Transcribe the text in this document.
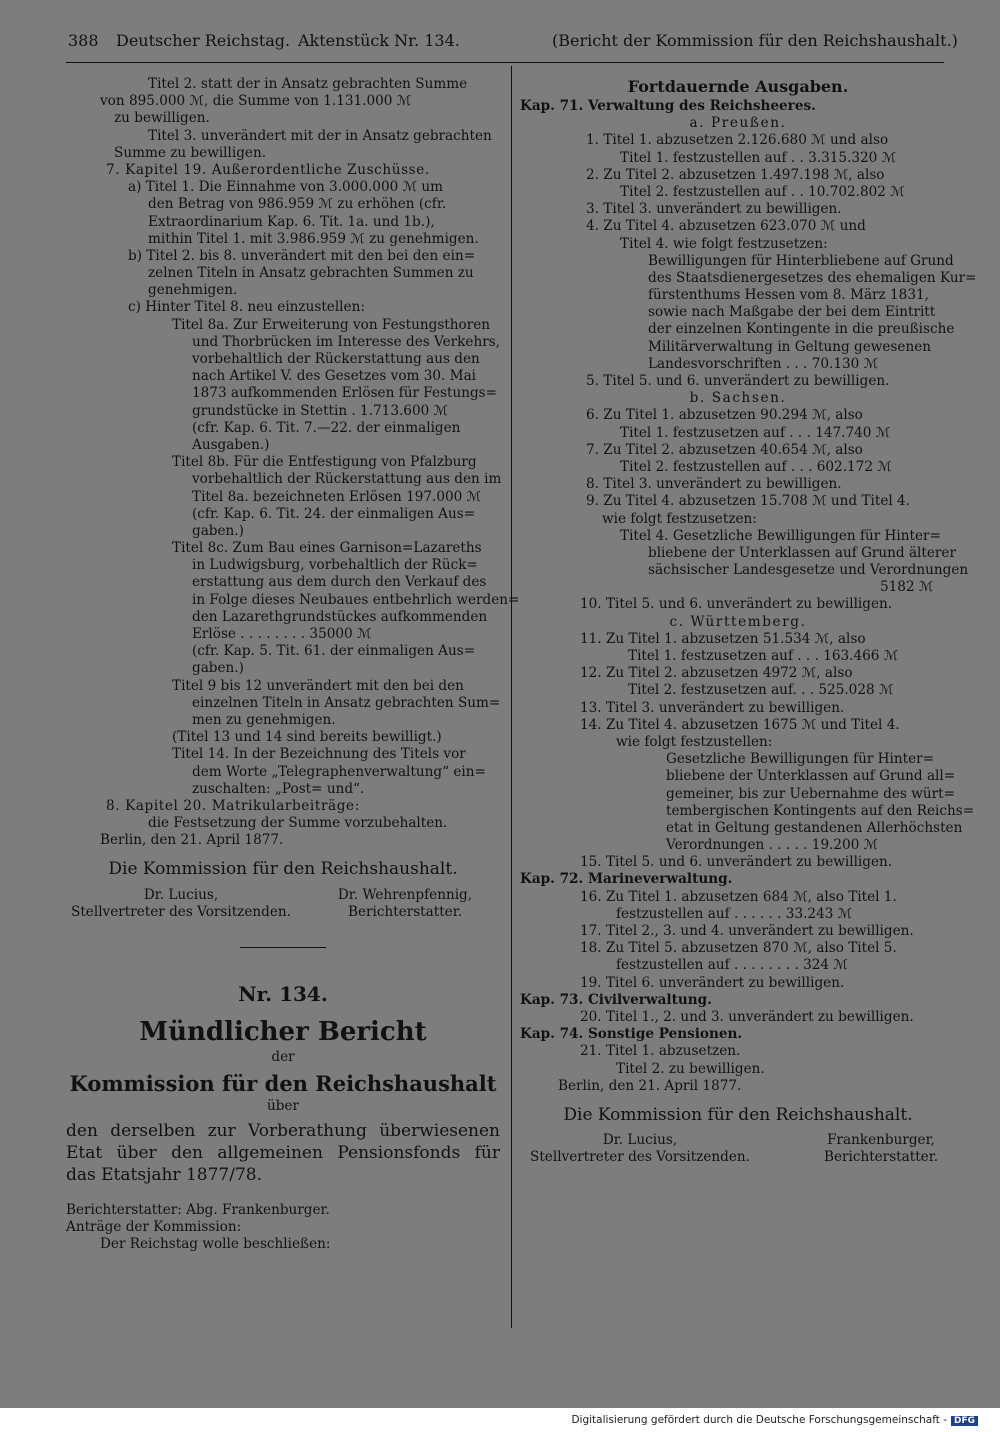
388 Deutscher Reichstag. Aktenstück Nr. 134.	(Bericht der Kommission für den Reichshaushalt.)
Titel 2. statt der in Ansatz gebrachten Summe
von 895.000 ℳ, die Summe von 1.131.000 ℳ
zu bewilligen.
Titel 3. unverändert mit der in Ansatz gebrachten
Summe zu bewilligen.
7. Kapitel 19. Außerordentliche Zuschüsse.
a) Titel 1. Die Einnahme von 3.000.000 ℳ um
den Betrag von 986.959 ℳ zu erhöhen (cfr.
Extraordinarium Kap. 6. Tit. 1a. und 1b.),
mithin Titel 1. mit 3.986.959 ℳ zu genehmigen.
b) Titel 2. bis 8. unverändert mit den bei den ein=
zelnen Titeln in Ansatz gebrachten Summen zu
genehmigen.
c) Hinter Titel 8. neu einzustellen:
Titel 8a. Zur Erweiterung von Festungsthoren
und Thorbrücken im Interesse des Verkehrs,
vorbehaltlich der Rückerstattung aus den
nach Artikel V. des Gesetzes vom 30. Mai
1873 aufkommenden Erlösen für Festungs=
grundstücke in Stettin . 1.713.600 ℳ
(cfr. Kap. 6. Tit. 7.—22. der einmaligen
Ausgaben.)
Titel 8b. Für die Entfestigung von Pfalzburg
vorbehaltlich der Rückerstattung aus den im
Titel 8a. bezeichneten Erlösen 197.000 ℳ
(cfr. Kap. 6. Tit. 24. der einmaligen Aus=
gaben.)
Titel 8c. Zum Bau eines Garnison=Lazareths
in Ludwigsburg, vorbehaltlich der Rück=
erstattung aus dem durch den Verkauf des
in Folge dieses Neubaues entbehrlich werden=
den Lazarethgrundstückes aufkommenden
Erlöse . . . . . . . . 35000 ℳ
(cfr. Kap. 5. Tit. 61. der einmaligen Aus=
gaben.)
Titel 9 bis 12 unverändert mit den bei den
einzelnen Titeln in Ansatz gebrachten Sum=
men zu genehmigen.
(Titel 13 und 14 sind bereits bewilligt.)
Titel 14. In der Bezeichnung des Titels vor
dem Worte „Telegraphenverwaltung“ ein=
zuschalten: „Post= und“.
8. Kapitel 20. Matrikularbeiträge:
die Festsetzung der Summe vorzubehalten.
Berlin, den 21. April 1877.
Die Kommission für den Reichshaushalt.
Dr. Lucius,
Stellvertreter des Vorsitzenden.
Dr. Wehrenpfennig,
Berichterstatter.
Nr. 134.
Mündlicher Bericht
der
Kommission für den Reichshaushalt
über
den derselben zur Vorberathung überwiesenen
Etat über den allgemeinen Pensionsfonds für
das Etatsjahr 1877/78.
Berichterstatter: Abg. Frankenburger.
Anträge der Kommission:
Der Reichstag wolle beschließen:
Fortdauernde Ausgaben.
Kap. 71. Verwaltung des Reichsheeres.
a. Preußen.
1. Titel 1. abzusetzen 2.126.680 ℳ und also
Titel 1. festzustellen auf . . 3.315.320 ℳ
2. Zu Titel 2. abzusetzen 1.497.198 ℳ, also
Titel 2. festzustellen auf . . 10.702.802 ℳ
3. Titel 3. unverändert zu bewilligen.
4. Zu Titel 4. abzusetzen 623.070 ℳ und
Titel 4. wie folgt festzusetzen:
Bewilligungen für Hinterbliebene auf Grund
des Staatsdienergesetzes des ehemaligen Kur=
fürstenthums Hessen vom 8. März 1831,
sowie nach Maßgabe der bei dem Eintritt
der einzelnen Kontingente in die preußische
Militärverwaltung in Geltung gewesenen
Landesvorschriften . . . 70.130 ℳ
5. Titel 5. und 6. unverändert zu bewilligen.
b. Sachsen.
6. Zu Titel 1. abzusetzen 90.294 ℳ, also
Titel 1. festzusetzen auf . . . 147.740 ℳ
7. Zu Titel 2. abzusetzen 40.654 ℳ, also
Titel 2. festzustellen auf . . . 602.172 ℳ
8. Titel 3. unverändert zu bewilligen.
9. Zu Titel 4. abzusetzen 15.708 ℳ und Titel 4.
wie folgt festzusetzen:
Titel 4. Gesetzliche Bewilligungen für Hinter=
bliebene der Unterklassen auf Grund älterer
sächsischer Landesgesetze und Verordnungen
5182 ℳ
10. Titel 5. und 6. unverändert zu bewilligen.
c. Württemberg.
11. Zu Titel 1. abzusetzen 51.534 ℳ, also
Titel 1. festzusetzen auf . . . 163.466 ℳ
12. Zu Titel 2. abzusetzen 4972 ℳ, also
Titel 2. festzusetzen auf. . . 525.028 ℳ
13. Titel 3. unverändert zu bewilligen.
14. Zu Titel 4. abzusetzen 1675 ℳ und Titel 4.
wie folgt festzustellen:
Gesetzliche Bewilligungen für Hinter=
bliebene der Unterklassen auf Grund all=
gemeiner, bis zur Uebernahme des würt=
tembergischen Kontingents auf den Reichs=
etat in Geltung gestandenen Allerhöchsten
Verordnungen . . . . . 19.200 ℳ
15. Titel 5. und 6. unverändert zu bewilligen.
Kap. 72. Marineverwaltung.
16. Zu Titel 1. abzusetzen 684 ℳ, also Titel 1.
festzustellen auf . . . . . . 33.243 ℳ
17. Titel 2., 3. und 4. unverändert zu bewilligen.
18. Zu Titel 5. abzusetzen 870 ℳ, also Titel 5.
festzustellen auf . . . . . . . . 324 ℳ
19. Titel 6. unverändert zu bewilligen.
Kap. 73. Civilverwaltung.
20. Titel 1., 2. und 3. unverändert zu bewilligen.
Kap. 74. Sonstige Pensionen.
21. Titel 1. abzusetzen.
Titel 2. zu bewilligen.
Berlin, den 21. April 1877.
Die Kommission für den Reichshaushalt.
Dr. Lucius,
Stellvertreter des Vorsitzenden.
Frankenburger,
Berichterstatter.
Digitalisierung gefördert durch die Deutsche Forschungsgemeinschaft - DFG
